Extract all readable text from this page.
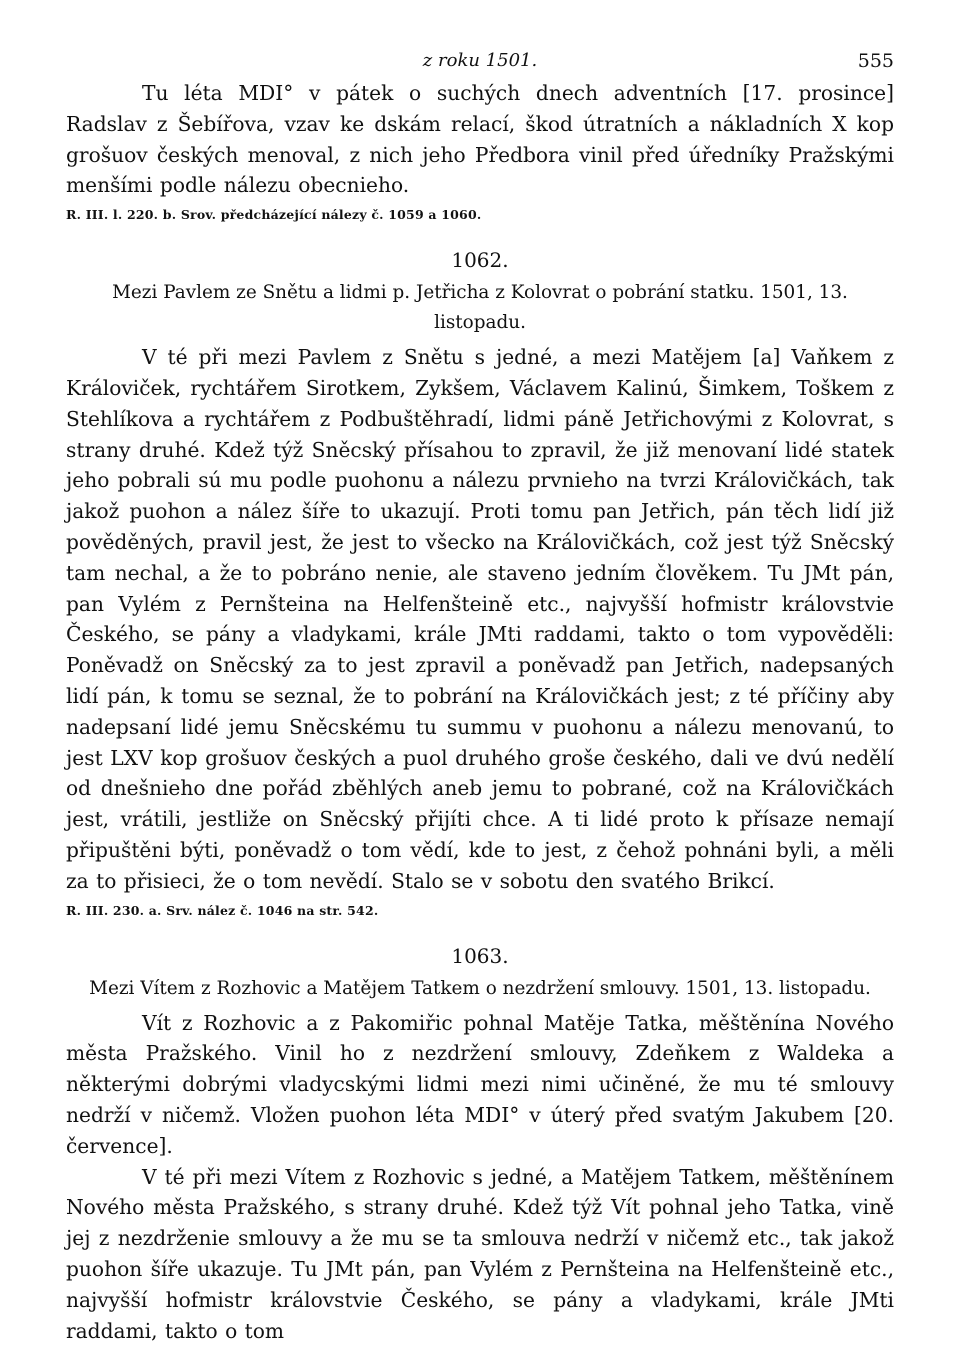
z roku 1501.	555

Tu léta MDI° v pátek o suchých dnech adventních [17. prosince] Radslav z Šebířova, vzav ke dskám relací, škod útratních a nákladních X kop grošuov českých menoval, z nich jeho Předbora vinil před úředníky Pražskými menšími podle nálezu obecnieho.

R. III. l. 220. b. Srov. předcházející nálezy č. 1059 a 1060.
1062.
Mezi Pavlem ze Snětu a lidmi p. Jetřicha z Kolovrat o pobrání statku. 1501, 13. listopadu.

V té při mezi Pavlem z Snětu s jedné, a mezi Matějem [a] Vaňkem z Královiček, rychtářem Sirotkem, Zykšem, Václavem Kalinú, Šimkem, Toškem z Stehlíkova a rychtářem z Podbuštěhradí, lidmi páně Jetřichovými z Kolovrat, s strany druhé. Kdež týž Sněcský přísahou to zpravil, že již menovaní lidé statek jeho pobrali sú mu podle puohonu a nálezu prvnieho na tvrzi Královičkách, tak jakož puohon a nález šíře to ukazují. Proti tomu pan Jetřich, pán těch lidí již pověděných, pravil jest, že jest to všecko na Královičkách, což jest týž Sněcský tam nechal, a že to pobráno nenie, ale staveno jedním člověkem. Tu JMt pán, pan Vylém z Pernšteina na Helfenšteině etc., najvyšší hofmistr královstvie Českého, se pány a vladykami, krále JMti raddami, takto o tom vypověděli: Poněvadž on Sněcský za to jest zpravil a poněvadž pan Jetřich, nadepsaných lidí pán, k tomu se seznal, že to pobrání na Královičkách jest; z té příčiny aby nadepsaní lidé jemu Sněcskému tu summu v puohonu a nálezu menovanú, to jest LXV kop grošuov českých a puol druhého groše českého, dali ve dvú nedělí od dnešnieho dne pořád zběhlých aneb jemu to pobrané, což na Královičkách jest, vrátili, jestliže on Sněcský přijíti chce. A ti lidé proto k přísaze nemají připuštěni býti, poněvadž o tom vědí, kde to jest, z čehož pohnáni byli, a měli za to přisieci, že o tom nevědí. Stalo se v sobotu den svatého Brikcí.

R. III. 230. a. Srv. nález č. 1046 na str. 542.
1063.
Mezi Vítem z Rozhovic a Matějem Tatkem o nezdržení smlouvy. 1501, 13. listopadu.

Vít z Rozhovic a z Pakomiřic pohnal Matěje Tatka, měštěnína Nového města Pražského. Vinil ho z nezdržení smlouvy, Zdeňkem z Waldeka a některými dobrými vladycskými lidmi mezi nimi učiněné, že mu té smlouvy nedrží v ničemž. Vložen puohon léta MDI° v úterý před svatým Jakubem [20. července].

V té při mezi Vítem z Rozhovic s jedné, a Matějem Tatkem, měštěnínem Nového města Pražského, s strany druhé. Kdež týž Vít pohnal jeho Tatka, vině jej z nezdrženie smlouvy a že mu se ta smlouva nedrží v ničemž etc., tak jakož puohon šíře ukazuje. Tu JMt pán, pan Vylém z Pernšteina na Helfenšteině etc., najvyšší hofmistr královstvie Českého, se pány a vladykami, krále JMti raddami, takto o tom
